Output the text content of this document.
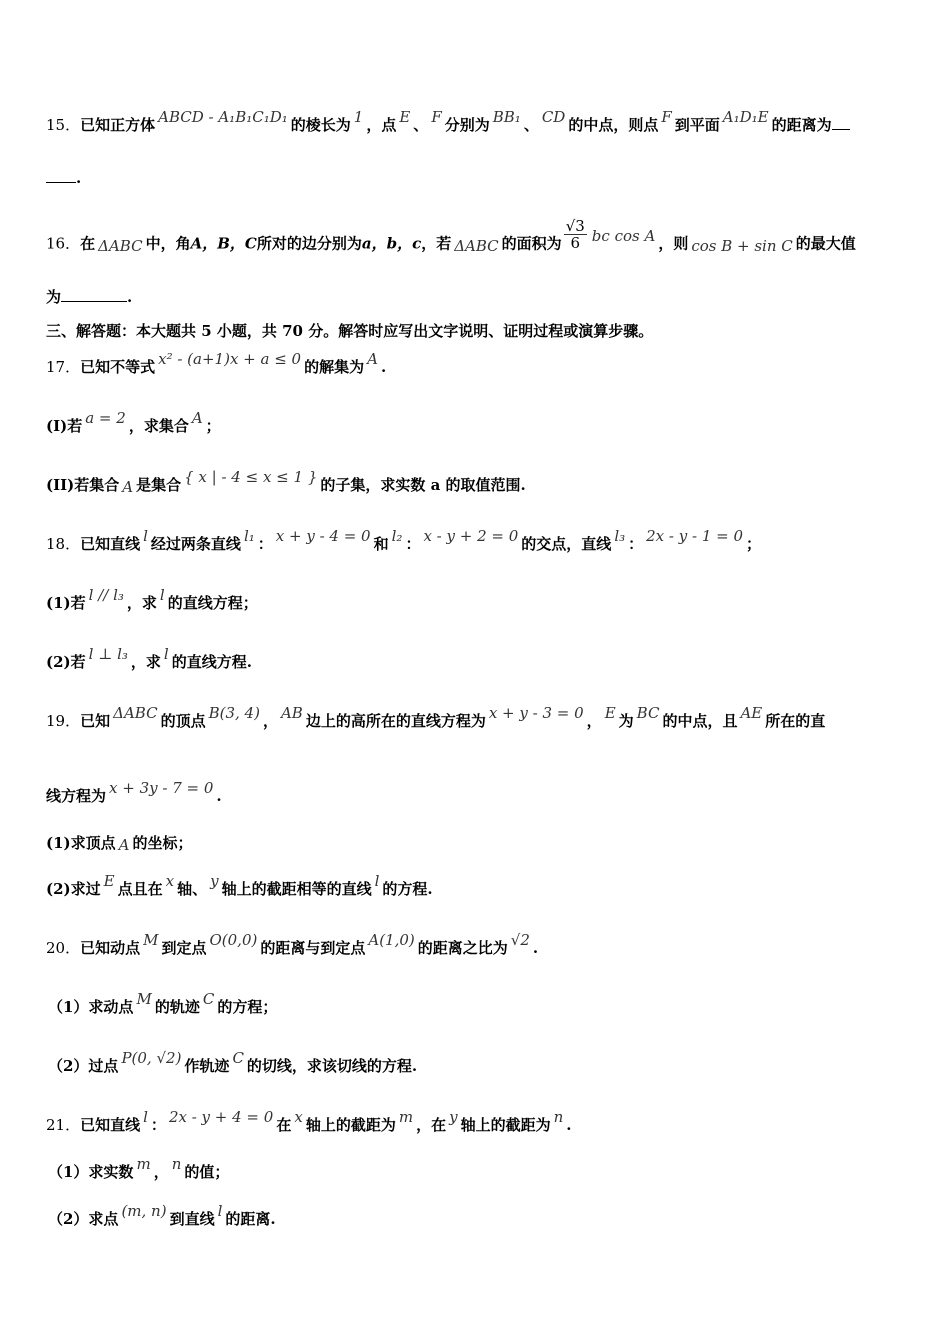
15．已知正方体 ABCD - A₁B₁C₁D₁ 的棱长为 1 ，点 E 、 F 分别为 BB₁ 、 CD 的中点，则点 F 到平面 A₁D₁E 的距离为
.
16．在 ΔABC 中，角A，B，C所对的边分别为a，b，c，若 ΔABC 的面积为 $\frac{√3}{6}$ bc cos A ，则 cos B + sin C 的最大值
为	.
三、解答题：本大题共 5 小题，共 70 分。解答时应写出文字说明、证明过程或演算步骤。
17．已知不等式 x² - (a+1)x + a ≤ 0 的解集为 A .
(I)若 a = 2 ，求集合 A ；
(II)若集合 A 是集合 { x | - 4 ≤ x ≤ 1 } 的子集，求实数 a 的取值范围.
18．已知直线 l 经过两条直线 l₁ ： x + y - 4 = 0 和 l₂ ： x - y + 2 = 0 的交点，直线 l₃ ： 2x - y - 1 = 0 ；
(1)若 l // l₃ ，求 l 的直线方程；
(2)若 l ⊥ l₃ ，求 l 的直线方程.
19．已知 ΔABC 的顶点 B(3, 4) ， AB 边上的高所在的直线方程为 x + y - 3 = 0 ， E 为 BC 的中点，且 AE 所在的直
线方程为 x + 3y - 7 = 0 .
(1)求顶点 A 的坐标；
(2)求过 E 点且在 x 轴、 y 轴上的截距相等的直线 l 的方程.
20．已知动点 M 到定点 O(0,0) 的距离与到定点 A(1,0) 的距离之比为 √2 .
（1）求动点 M 的轨迹 C 的方程；
（2）过点 P(0, √2) 作轨迹 C 的切线，求该切线的方程.
21．已知直线 l ： 2x - y + 4 = 0 在 x 轴上的截距为 m ，在 y 轴上的截距为 n .
（1）求实数 m ， n 的值；
（2）求点 (m, n) 到直线 l 的距离.
